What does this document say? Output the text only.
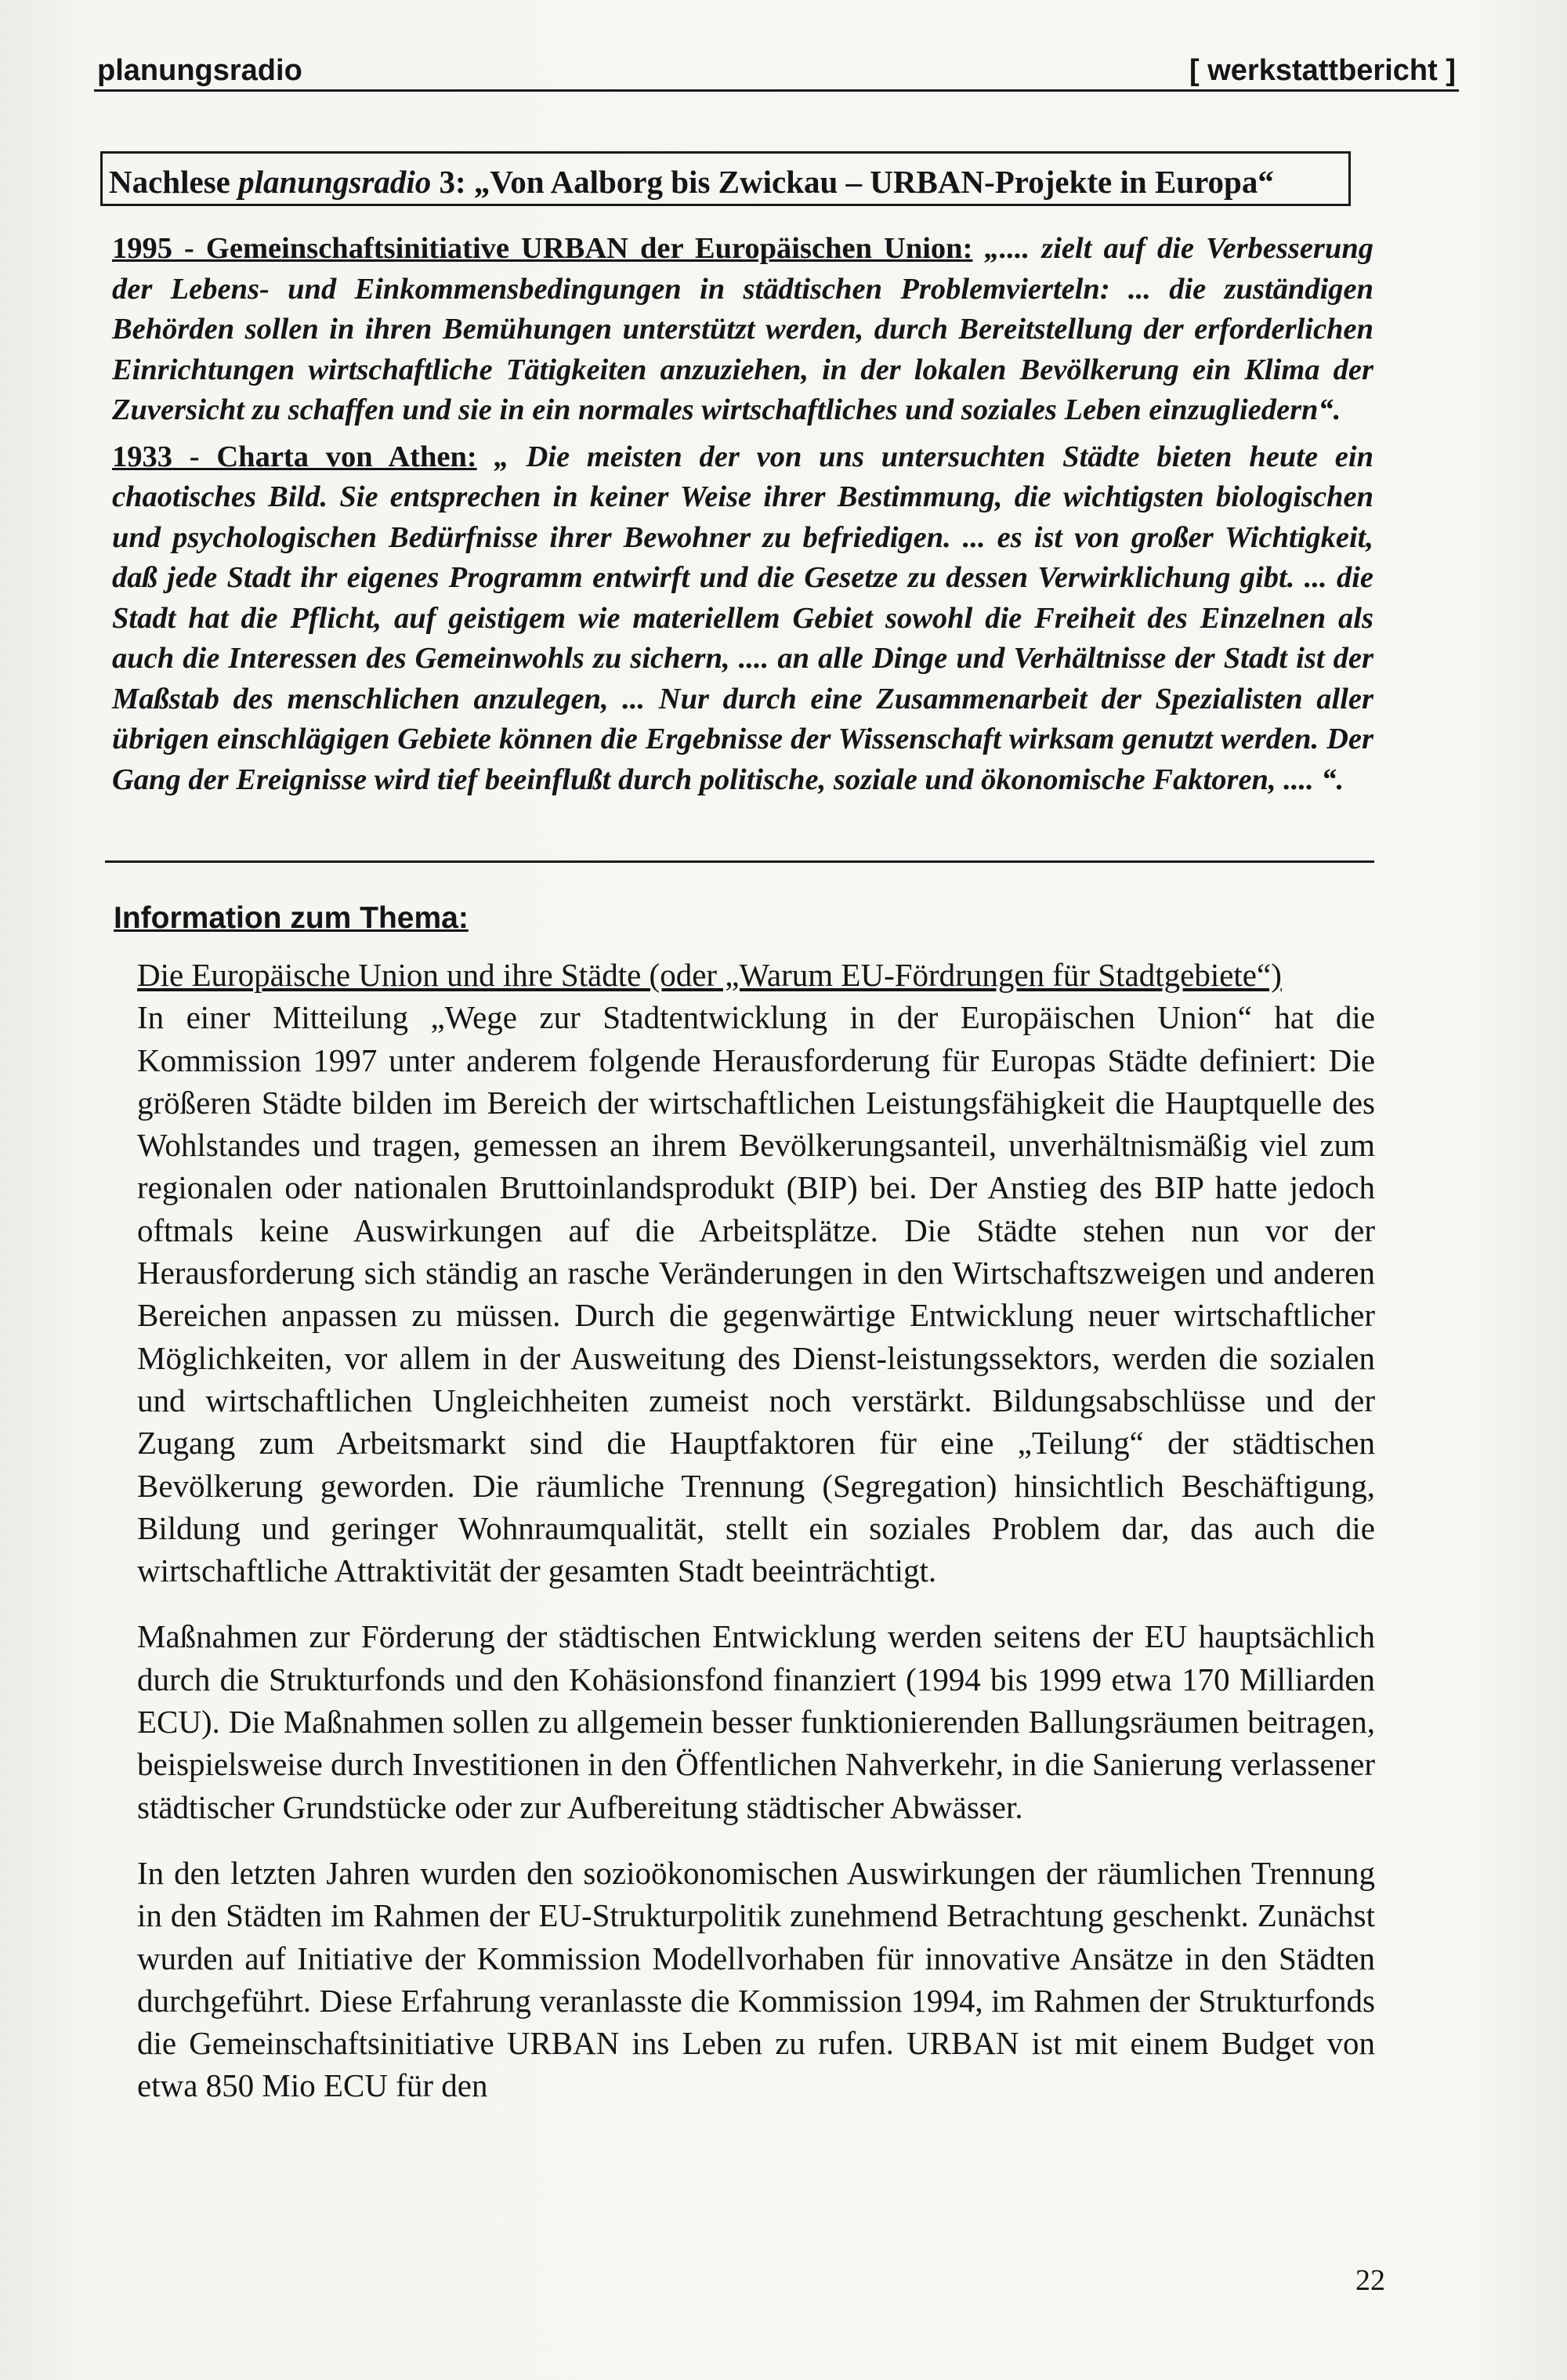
planungsradio	[ werkstattbericht ]
Nachlese planungsradio 3: „Von Aalborg bis Zwickau – URBAN-Projekte in Europa“

1995 - Gemeinschaftsinitiative URBAN der Europäischen Union: „.... zielt auf die Verbesserung der Lebens- und Einkommensbedingungen in städtischen Problemvierteln: ... die zuständigen Behörden sollen in ihren Bemühungen unterstützt werden, durch Bereitstellung der erforderlichen Einrichtungen wirtschaftliche Tätigkeiten anzuziehen, in der lokalen Bevölkerung ein Klima der Zuversicht zu schaffen und sie in ein normales wirtschaftliches und soziales Leben einzugliedern“.

1933 - Charta von Athen: „ Die meisten der von uns untersuchten Städte bieten heute ein chaotisches Bild. Sie entsprechen in keiner Weise ihrer Bestimmung, die wichtigsten biologischen und psychologischen Bedürfnisse ihrer Bewohner zu befriedigen. ... es ist von großer Wichtigkeit, daß jede Stadt ihr eigenes Programm entwirft und die Gesetze zu dessen Verwirklichung gibt. ... die Stadt hat die Pflicht, auf geistigem wie materiellem Gebiet sowohl die Freiheit des Einzelnen als auch die Interessen des Gemeinwohls zu sichern, .... an alle Dinge und Verhältnisse der Stadt ist der Maßstab des menschlichen anzulegen, ... Nur durch eine Zusammenarbeit der Spezialisten aller übrigen einschlägigen Gebiete können die Ergebnisse der Wissenschaft wirksam genutzt werden. Der Gang der Ereignisse wird tief beeinflußt durch politische, soziale und ökonomische Faktoren, .... “.

Information zum Thema:

Die Europäische Union und ihre Städte (oder „Warum EU-Fördrungen für Stadtgebiete“)

In einer Mitteilung „Wege zur Stadtentwicklung in der Europäischen Union“ hat die Kommission 1997 unter anderem folgende Herausforderung für Europas Städte definiert: Die größeren Städte bilden im Bereich der wirtschaftlichen Leistungsfähigkeit die Hauptquelle des Wohlstandes und tragen, gemessen an ihrem Bevölkerungsanteil, unverhältnismäßig viel zum regionalen oder nationalen Bruttoinlandsprodukt (BIP) bei. Der Anstieg des BIP hatte jedoch oftmals keine Auswirkungen auf die Arbeitsplätze. Die Städte stehen nun vor der Herausforderung sich ständig an rasche Veränderungen in den Wirtschaftszweigen und anderen Bereichen anpassen zu müssen. Durch die gegenwärtige Entwicklung neuer wirtschaftlicher Möglichkeiten, vor allem in der Ausweitung des Dienst-leistungssektors, werden die sozialen und wirtschaftlichen Ungleichheiten zumeist noch verstärkt. Bildungsabschlüsse und der Zugang zum Arbeitsmarkt sind die Hauptfaktoren für eine „Teilung“ der städtischen Bevölkerung geworden. Die räumliche Trennung (Segregation) hinsichtlich Beschäftigung, Bildung und geringer Wohnraumqualität, stellt ein soziales Problem dar, das auch die wirtschaftliche Attraktivität der gesamten Stadt beeinträchtigt.

Maßnahmen zur Förderung der städtischen Entwicklung werden seitens der EU hauptsächlich durch die Strukturfonds und den Kohäsionsfond finanziert (1994 bis 1999 etwa 170 Milliarden ECU). Die Maßnahmen sollen zu allgemein besser funktionierenden Ballungsräumen beitragen, beispielsweise durch Investitionen in den Öffentlichen Nahverkehr, in die Sanierung verlassener städtischer Grundstücke oder zur Aufbereitung städtischer Abwässer.

In den letzten Jahren wurden den sozioökonomischen Auswirkungen der räumlichen Trennung in den Städten im Rahmen der EU-Strukturpolitik zunehmend Betrachtung geschenkt. Zunächst wurden auf Initiative der Kommission Modellvorhaben für innovative Ansätze in den Städten durchgeführt. Diese Erfahrung veranlasste die Kommission 1994, im Rahmen der Strukturfonds die Gemeinschaftsinitiative URBAN ins Leben zu rufen. URBAN ist mit einem Budget von etwa 850 Mio ECU für den

22
